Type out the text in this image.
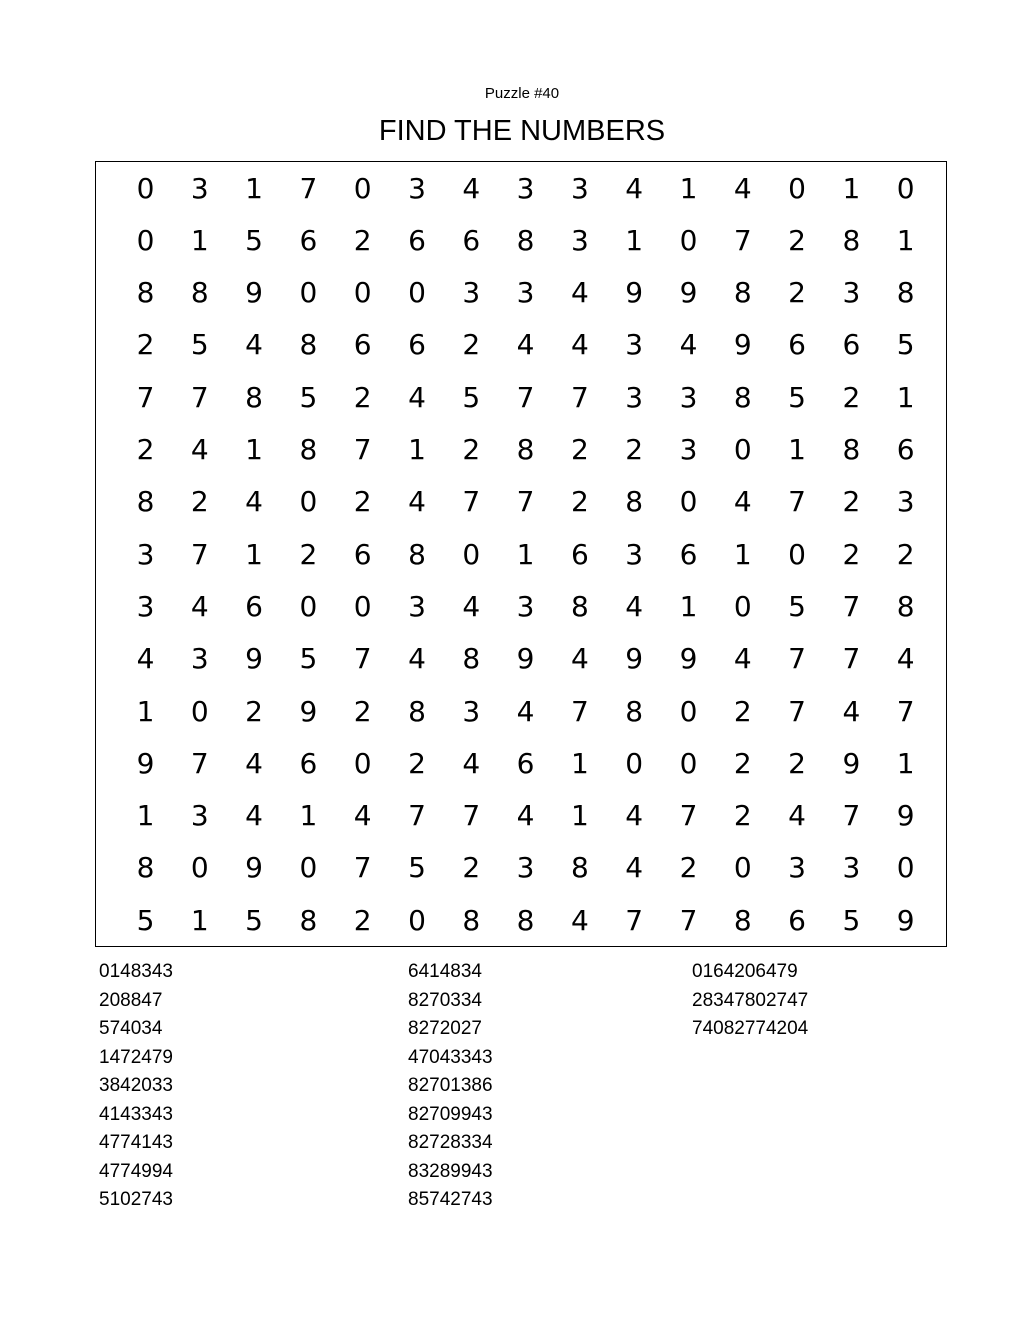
Puzzle #40
FIND THE NUMBERS
0	3	1	7	0	3	4	3	3	4	1	4	0	1	0
0	1	5	6	2	6	6	8	3	1	0	7	2	8	1
8	8	9	0	0	0	3	3	4	9	9	8	2	3	8
2	5	4	8	6	6	2	4	4	3	4	9	6	6	5
7	7	8	5	2	4	5	7	7	3	3	8	5	2	1
2	4	1	8	7	1	2	8	2	2	3	0	1	8	6
8	2	4	0	2	4	7	7	2	8	0	4	7	2	3
3	7	1	2	6	8	0	1	6	3	6	1	0	2	2
3	4	6	0	0	3	4	3	8	4	1	0	5	7	8
4	3	9	5	7	4	8	9	4	9	9	4	7	7	4
1	0	2	9	2	8	3	4	7	8	0	2	7	4	7
9	7	4	6	0	2	4	6	1	0	0	2	2	9	1
1	3	4	1	4	7	7	4	1	4	7	2	4	7	9
8	0	9	0	7	5	2	3	8	4	2	0	3	3	0
5	1	5	8	2	0	8	8	4	7	7	8	6	5	9
0148343
208847
574034
1472479
3842033
4143343
4774143
4774994
5102743
6414834
8270334
8272027
47043343
82701386
82709943
82728334
83289943
85742743
0164206479
28347802747
74082774204
